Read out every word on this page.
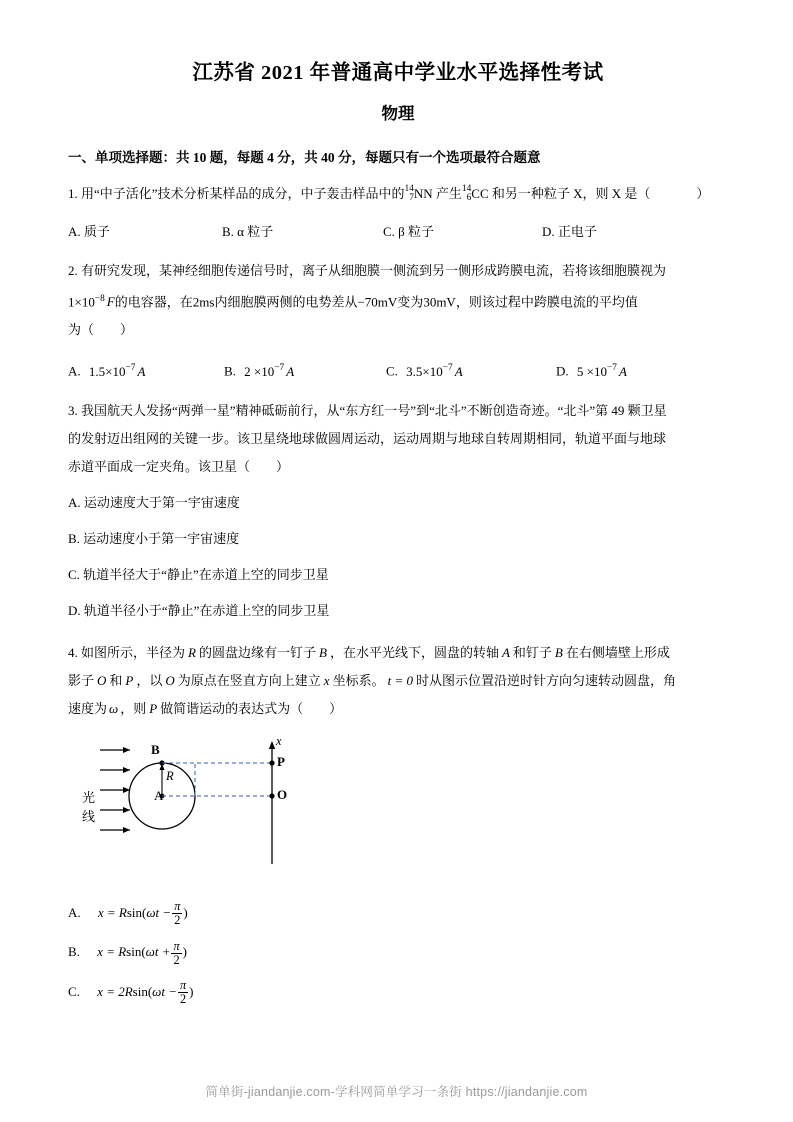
江苏省 2021 年普通高中学业水平选择性考试
物理
一、单项选择题：共 10 题，每题 4 分，共 40 分，每题只有一个选项最符合题意
1. 用“中子活化”技术分析某样品的成分，中子轰击样品中的 14
7 NN 产生 14
6 CC 和另一种粒子 X，则 X 是（	）
A. 质子	B. α 粒子	C. β 粒子	D. 正电子
2. 有研究发现，某神经细胞传递信号时，离子从细胞膜一侧流到另一侧形成跨膜电流，若将该细胞膜视为
$1\times 10^{-8}$ F的电容器，在2ms内细胞膜两侧的电势差从−70mV变为30mV，则该过程中跨膜电流的平均值
为（　　）
A. $1.5\times 10^{-7}$ A	B. $2 \times 10^{-7}$ A	C. $3.5\times 10^{-7}$ A	D. $5 \times 10^{-7}$ A
3. 我国航天人发扬“两弹一星”精神砥砺前行，从“东方红一号”到“北斗”不断创造奇迹。“北斗”第 49 颗卫星
的发射迈出组网的关键一步。该卫星绕地球做圆周运动，运动周期与地球自转周期相同，轨道平面与地球
赤道平面成一定夹角。该卫星（　　）
A. 运动速度大于第一宇宙速度
B. 运动速度小于第一宇宙速度
C. 轨道半径大于“静止”在赤道上空的同步卫星
D. 轨道半径小于“静止”在赤道上空的同步卫星
4. 如图所示，半径为 R 的圆盘边缘有一钉子 B ，在水平光线下，圆盘的转轴 A 和钉子 B 在右侧墙壁上形成
影子 O 和 P ，以 O 为原点在竖直方向上建立 x 坐标系。 t = 0 时从图示位置沿逆时针方向匀速转动圆盘，角
速度为 ω ，则 P 做简谐运动的表达式为（　　）
光
线
B
A
R
P
O
x
A. $x = Rsin(\omega t - \frac{\pi}{2}$ )
B. $x = Rsin(\omega t + \frac{\pi}{2}$ )
C. $x = 2Rsin(\omega t - \frac{\pi}{2}$ )
简单街-jiandanjie.com-学科网简单学习一条街 https://jiandanjie.com
